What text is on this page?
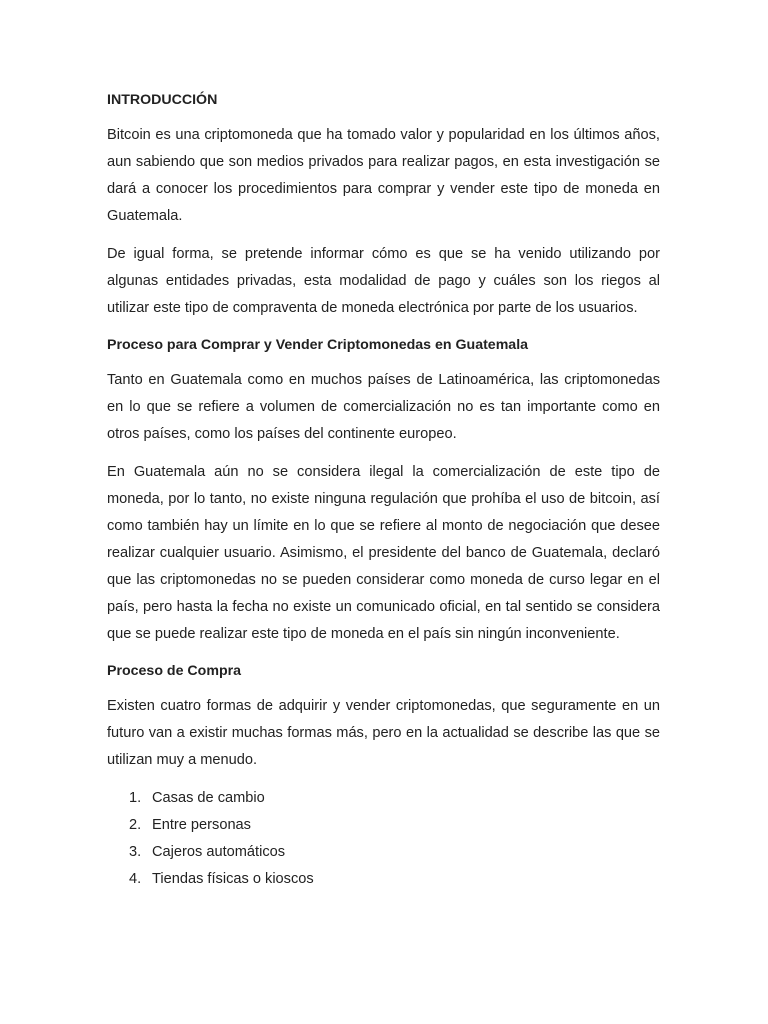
INTRODUCCIÓN

Bitcoin es una criptomoneda que ha tomado valor y popularidad en los últimos años, aun sabiendo que son medios privados para realizar pagos, en esta investigación se dará a conocer los procedimientos para comprar y vender este tipo de moneda en Guatemala.

De igual forma, se pretende informar cómo es que se ha venido utilizando por algunas entidades privadas, esta modalidad de pago y cuáles son los riegos al utilizar este tipo de compraventa de moneda electrónica por parte de los usuarios.

Proceso para Comprar y Vender Criptomonedas en Guatemala

Tanto en Guatemala como en muchos países de Latinoamérica, las criptomonedas en lo que se refiere a volumen de comercialización no es tan importante como en otros países, como los países del continente europeo.

En Guatemala aún no se considera ilegal la comercialización de este tipo de moneda, por lo tanto, no existe ninguna regulación que prohíba el uso de bitcoin, así como también hay un límite en lo que se refiere al monto de negociación que desee realizar cualquier usuario. Asimismo, el presidente del banco de Guatemala, declaró que las criptomonedas no se pueden considerar como moneda de curso legar en el país, pero hasta la fecha no existe un comunicado oficial, en tal sentido se considera que se puede realizar este tipo de moneda en el país sin ningún inconveniente.

Proceso de Compra

Existen cuatro formas de adquirir y vender criptomonedas, que seguramente en un futuro van a existir muchas formas más, pero en la actualidad se describe las que se utilizan muy a menudo.

1. Casas de cambio
2. Entre personas
3. Cajeros automáticos
4. Tiendas físicas o kioscos
